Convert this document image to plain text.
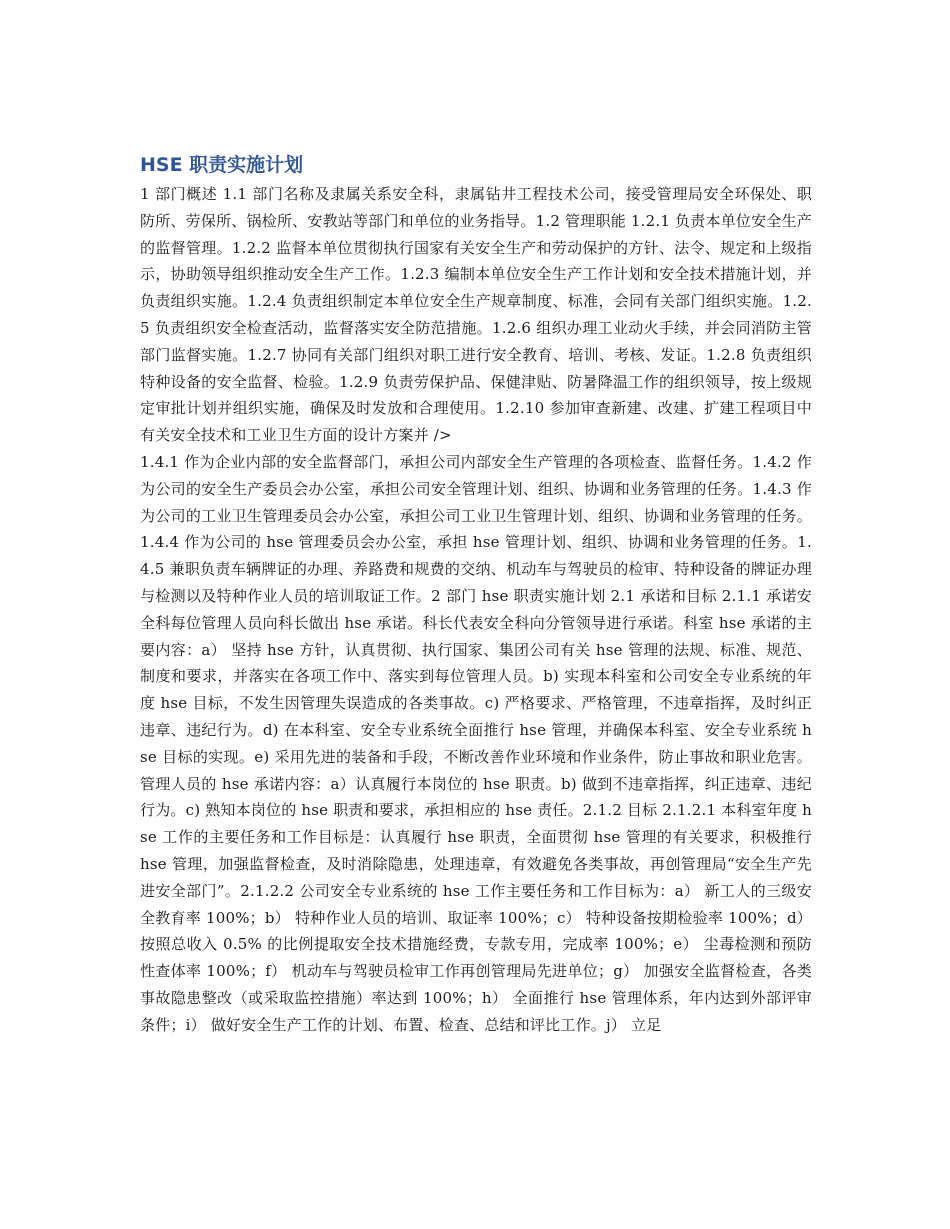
HSE 职责实施计划

1 部门概述 1.1 部门名称及隶属关系安全科，隶属钻井工程技术公司，接受管理局安全环保处、职防所、劳保所、锅检所、安教站等部门和单位的业务指导。1.2 管理职能 1.2.1 负责本单位安全生产的监督管理。1.2.2 监督本单位贯彻执行国家有关安全生产和劳动保护的方针、法令、规定和上级指示，协助领导组织推动安全生产工作。1.2.3 编制本单位安全生产工作计划和安全技术措施计划，并负责组织实施。1.2.4 负责组织制定本单位安全生产规章制度、标准，会同有关部门组织实施。1.2.5 负责组织安全检查活动，监督落实安全防范措施。1.2.6 组织办理工业动火手续，并会同消防主管部门监督实施。1.2.7 协同有关部门组织对职工进行安全教育、培训、考核、发证。1.2.8 负责组织特种设备的安全监督、检验。1.2.9 负责劳保护品、保健津贴、防暑降温工作的组织领导，按上级规定审批计划并组织实施，确保及时发放和合理使用。1.2.10 参加审查新建、改建、扩建工程项目中有关安全技术和工业卫生方面的设计方案并 />

1.4.1 作为企业内部的安全监督部门，承担公司内部安全生产管理的各项检查、监督任务。1.4.2 作为公司的安全生产委员会办公室，承担公司安全管理计划、组织、协调和业务管理的任务。1.4.3 作为公司的工业卫生管理委员会办公室，承担公司工业卫生管理计划、组织、协调和业务管理的任务。1.4.4 作为公司的 hse 管理委员会办公室，承担 hse 管理计划、组织、协调和业务管理的任务。1.4.5 兼职负责车辆牌证的办理、养路费和规费的交纳、机动车与驾驶员的检审、特种设备的牌证办理与检测以及特种作业人员的培训取证工作。2 部门 hse 职责实施计划 2.1 承诺和目标 2.1.1 承诺安全科每位管理人员向科长做出 hse 承诺。科长代表安全科向分管领导进行承诺。科室 hse 承诺的主要内容：a） 坚持 hse 方针，认真贯彻、执行国家、集团公司有关 hse 管理的法规、标准、规范、制度和要求，并落实在各项工作中、落实到每位管理人员。b) 实现本科室和公司安全专业系统的年度 hse 目标，不发生因管理失误造成的各类事故。c) 严格要求、严格管理，不违章指挥，及时纠正违章、违纪行为。d) 在本科室、安全专业系统全面推行 hse 管理，并确保本科室、安全专业系统 hse 目标的实现。e) 采用先进的装备和手段，不断改善作业环境和作业条件，防止事故和职业危害。管理人员的 hse 承诺内容：a）认真履行本岗位的 hse 职责。b) 做到不违章指挥，纠正违章、违纪行为。c) 熟知本岗位的 hse 职责和要求，承担相应的 hse 责任。2.1.2 目标 2.1.2.1 本科室年度 hse 工作的主要任务和工作目标是：认真履行 hse 职责，全面贯彻 hse 管理的有关要求，积极推行 hse 管理，加强监督检查，及时消除隐患，处理违章，有效避免各类事故，再创管理局“安全生产先进安全部门”。2.1.2.2 公司安全专业系统的 hse 工作主要任务和工作目标为：a） 新工人的三级安全教育率 100%；b） 特种作业人员的培训、取证率 100%；c） 特种设备按期检验率 100%；d） 按照总收入 0.5% 的比例提取安全技术措施经费，专款专用，完成率 100%；e） 尘毒检测和预防性查体率 100%；f） 机动车与驾驶员检审工作再创管理局先进单位；g） 加强安全监督检查，各类事故隐患整改（或采取监控措施）率达到 100%；h） 全面推行 hse 管理体系，年内达到外部评审条件；i） 做好安全生产工作的计划、布置、检查、总结和评比工作。j） 立足
